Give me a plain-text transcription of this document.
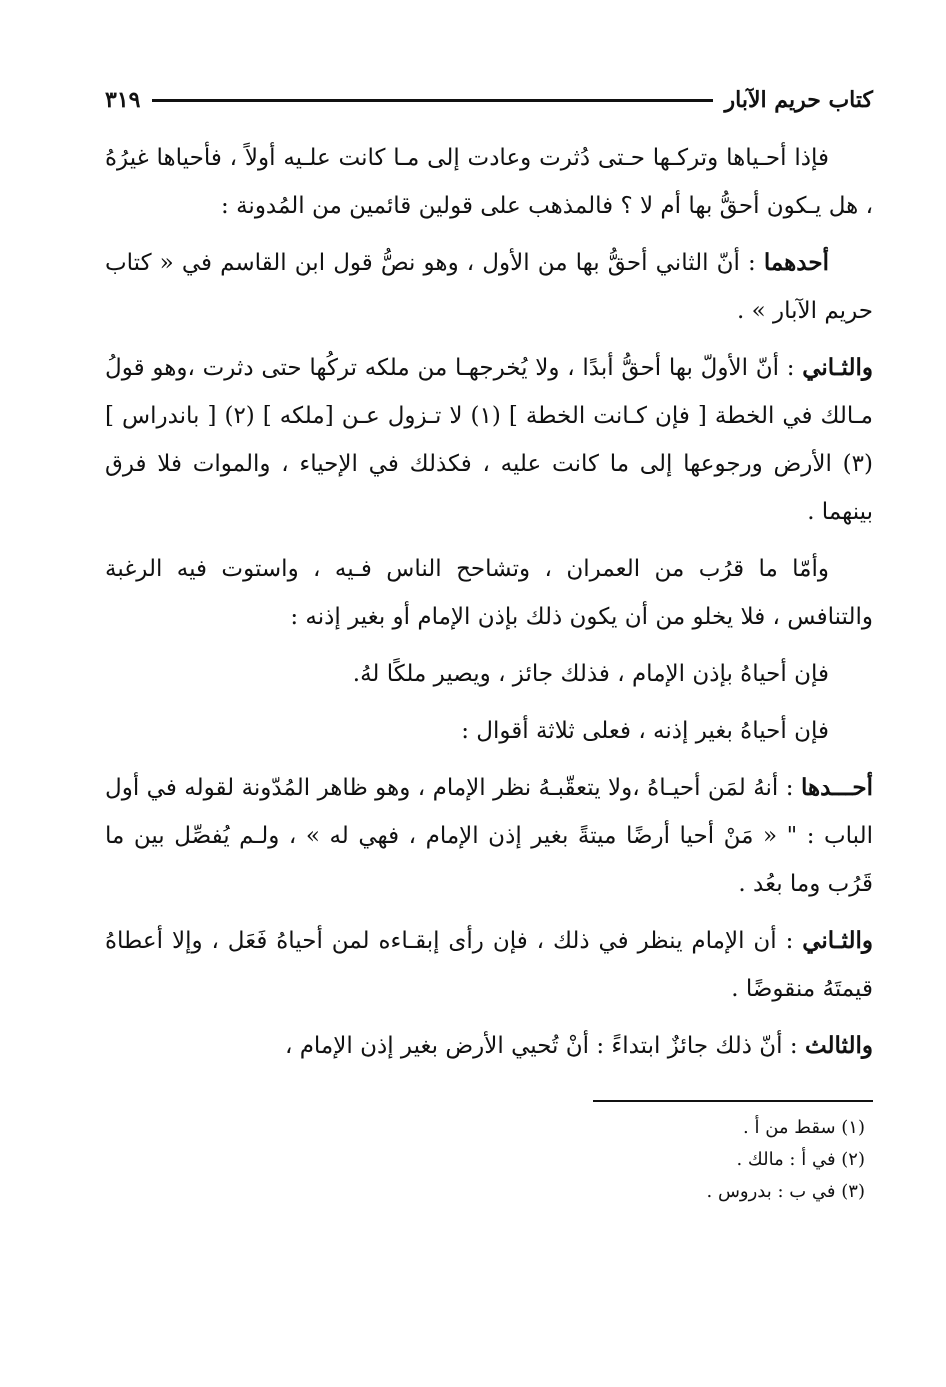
كتاب حريم الآبار
٣١٩

فإذا أحـياها وتركـها حـتى دُثرت وعادت إلى مـا كانت علـيه أولاً ، فأحياها غيرُهُ ، هل يـكون أحقُّ بها أم لا ؟ فالمذهب على قولين قائمين من المُدونة :

أحدهما : أنّ الثاني أحقُّ بها من الأول ، وهو نصُّ قول ابن القاسم في « كتاب حريم الآبار » .

والثـاني : أنّ الأولّ بها أحقُّ أبدًا ، ولا يُخرجهـا من ملكه تركُها حتى دثرت ،وهو قولُ مـالك في الخطة [ فإن كـانت الخطة ] (١) لا تـزول عـن [ملكه ] (٢) [ باندراس ] (٣) الأرض ورجوعها إلى ما كانت عليه ، فكذلك في الإحياء ، والموات فلا فرق بينهما .

وأمّا ما قرُب من العمران ، وتشاحح الناس فـيه ، واستوت فيه الرغبة والتنافس ، فلا يخلو من أن يكون ذلك بإذن الإمام أو بغير إذنه :

فإن أحياهُ بإذن الإمام ، فذلك جائز ، ويصير ملكًا لهُ.

فإن أحياهُ بغير إذنه ، فعلى ثلاثة أقوال :

أحـــدها : أنهُ لمَن أحيـاهُ ،ولا يتعقّبـهُ نظر الإمام ، وهو ظاهر المُدّونة لقوله في أول الباب : " « مَنْ أحيا أرضًا ميتةً بغير إذن الإمام ، فهي له » ، ولـم يُفصِّل بين ما قَرُب وما بعُد .

والثـاني : أن الإمام ينظر في ذلك ، فإن رأى إبقـاءه لمن أحياهُ فَعَل ، وإلا أعطاهُ قيمتَهُ منقوضًا .

والثالث : أنّ ذلك جائزٌ ابتداءً : أنْ تُحيي الأرض بغير إذن الإمام ،

(١) سقط من أ .
(٢) في أ : مالك .
(٣) في ب : بدروس .
